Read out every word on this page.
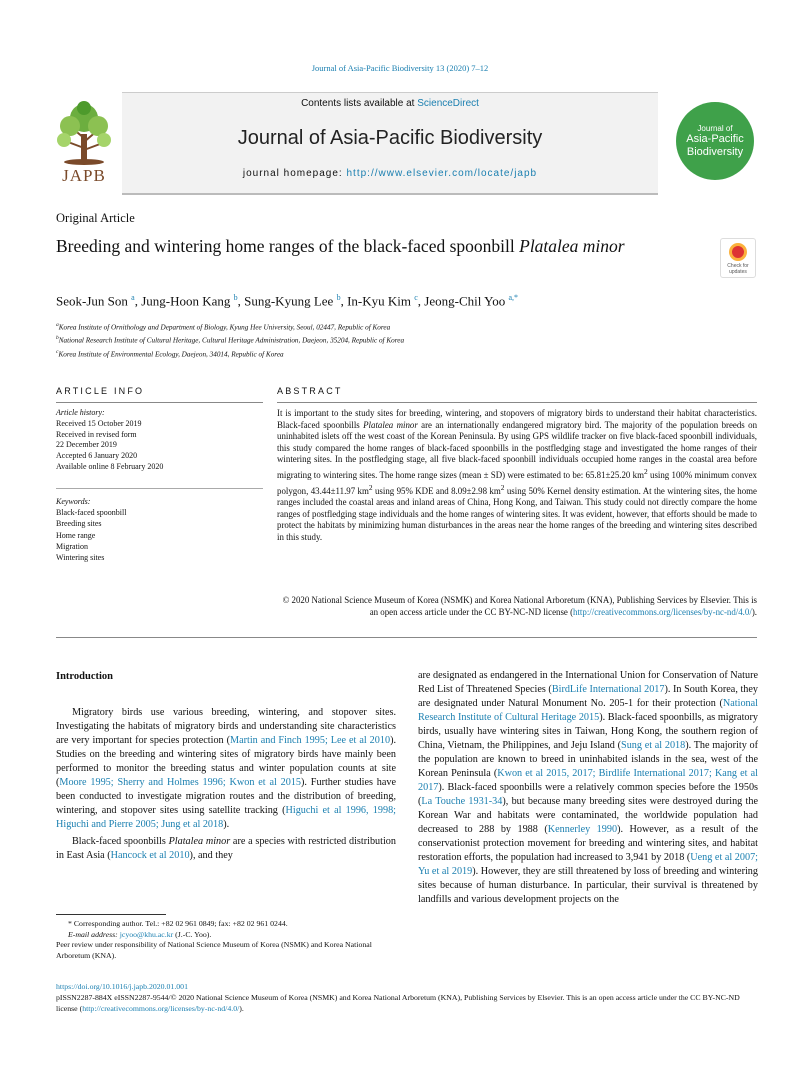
Journal of Asia-Pacific Biodiversity 13 (2020) 7–12
JAPB
Contents lists available at ScienceDirect
Journal of Asia-Pacific Biodiversity
journal homepage: http://www.elsevier.com/locate/japb
Journal of
Asia-Pacific
Biodiversity
Original Article
Breeding and wintering home ranges of the black-faced spoonbill Platalea minor
Check for updates
Seok-Jun Son $^a$, Jung-Hoon Kang $^b$, Sung-Kyung Lee $^b$, In-Kyu Kim $^c$, Jeong-Chil Yoo $^{a,*}$
$^a$Korea Institute of Ornithology and Department of Biology, Kyung Hee University, Seoul, 02447, Republic of Korea
$^b$National Research Institute of Cultural Heritage, Cultural Heritage Administration, Daejeon, 35204, Republic of Korea
$^c$Korea Institute of Environmental Ecology, Daejeon, 34014, Republic of Korea
ARTICLE INFO	ABSTRACT
Article history:
Received 15 October 2019
Received in revised form
22 December 2019
Accepted 6 January 2020
Available online 8 February 2020
Keywords:
Black-faced spoonbill
Breeding sites
Home range
Migration
Wintering sites
It is important to the study sites for breeding, wintering, and stopovers of migratory birds to understand their habitat characteristics. Black-faced spoonbills Platalea minor are an internationally endangered migratory bird. The majority of the population breeds on uninhabited islets off the west coast of the Korean Peninsula. By using GPS wildlife tracker on five black-faced spoonbill individuals, this study compared the home ranges of black-faced spoonbills in the postfledging stage and investigated the home ranges of their wintering sites. In the postfledging stage, all five black-faced spoonbill individuals occupied home ranges in the coastal area before migrating to wintering sites. The home range sizes (mean ± SD) were estimated to be: 65.81±25.20 $km^2$ using 100% minimum convex polygon, 43.44±11.97 $km^2$ using 95% KDE and 8.09±2.98 $km^2$ using 50% Kernel density estimation. At the wintering sites, the home ranges included the coastal areas and inland areas of China, Hong Kong, and Taiwan. This study could not directly compare the home ranges of postfledging stage individuals and the home ranges of wintering sites. It was evident, however, that efforts should be made to protect the habitats by minimizing human disturbances in the areas near the home ranges of the breeding and wintering sites described in this study.
© 2020 National Science Museum of Korea (NSMK) and Korea National Arboretum (KNA), Publishing Services by Elsevier. This is an open access article under the CC BY-NC-ND license (http://creativecommons.org/licenses/by-nc-nd/4.0/).
Introduction

Migratory birds use various breeding, wintering, and stopover sites. Investigating the habitats of migratory birds and understanding site characteristics are very important for species protection (Martin and Finch 1995; Lee et al 2010). Studies on the breeding and wintering sites of migratory birds have mainly been performed to monitor the breeding status and winter population counts at site (Moore 1995; Sherry and Holmes 1996; Kwon et al 2015). Further studies have been conducted to investigate migration routes and the distribution of breeding, wintering, and stopover sites using satellite tracking (Higuchi et al 1996, 1998; Higuchi and Pierre 2005; Jung et al 2018).

Black-faced spoonbills Platalea minor are a species with restricted distribution in East Asia (Hancock et al 2010), and they

are designated as endangered in the International Union for Conservation of Nature Red List of Threatened Species (BirdLife International 2017). In South Korea, they are designated under Natural Monument No. 205-1 for their protection (National Research Institute of Cultural Heritage 2015). Black-faced spoonbills, as migratory birds, usually have wintering sites in Taiwan, Hong Kong, the southern region of China, Vietnam, the Philippines, and Jeju Island (Sung et al 2018). The majority of the population are known to breed in uninhabited islands in the sea, west of the Korean Peninsula (Kwon et al 2015, 2017; Birdlife International 2017; Kang et al 2017). Black-faced spoonbills were a relatively common species before the 1950s (La Touche 1931-34), but because many breeding sites were destroyed during the Korean War and habitats were contaminated, the worldwide population had decreased to 288 by 1988 (Kennerley 1990). However, as a result of the conservationist protection movement for breeding and wintering sites, and habitat restoration efforts, the population had increased to 3,941 by 2018 (Ueng et al 2007; Yu et al 2019). However, they are still threatened by loss of breeding and wintering sites because of human disturbance. In particular, their survival is threatened by landfills and various development projects on the

* Corresponding author. Tel.: +82 02 961 0849; fax: +82 02 961 0244.
E-mail address: jcyoo@khu.ac.kr (J.-C. Yoo).
Peer review under responsibility of National Science Museum of Korea (NSMK) and Korea National Arboretum (KNA).
https://doi.org/10.1016/j.japb.2020.01.001
pISSN2287-884X eISSN2287-9544/© 2020 National Science Museum of Korea (NSMK) and Korea National Arboretum (KNA), Publishing Services by Elsevier. This is an open access article under the CC BY-NC-ND license (http://creativecommons.org/licenses/by-nc-nd/4.0/).
